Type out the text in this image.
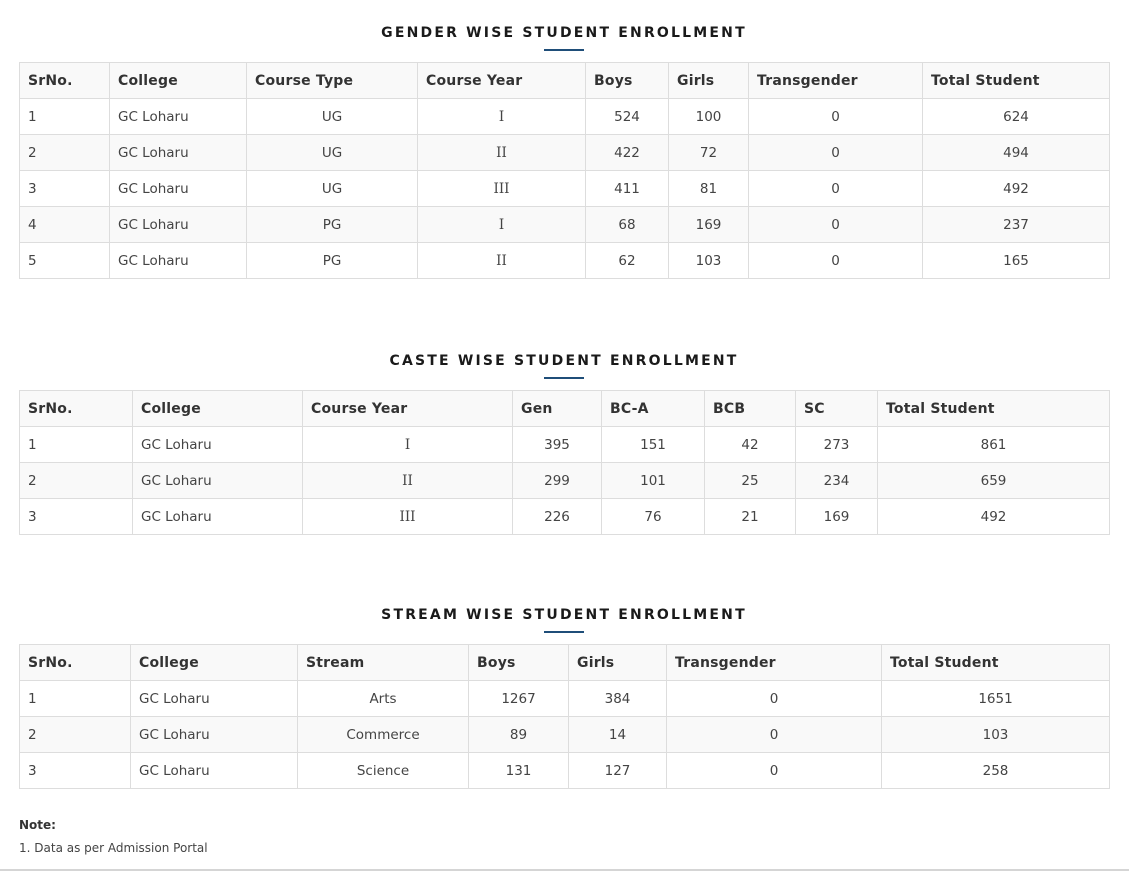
GENDER WISE STUDENT ENROLLMENT
SrNo.	College	Course Type	Course Year	Boys	Girls	Transgender	Total Student
1	GC Loharu	UG	I	524	100	0	624
2	GC Loharu	UG	II	422	72	0	494
3	GC Loharu	UG	III	411	81	0	492
4	GC Loharu	PG	I	68	169	0	237
5	GC Loharu	PG	II	62	103	0	165
CASTE WISE STUDENT ENROLLMENT
SrNo.	College	Course Year	Gen	BC-A	BCB	SC	Total Student
1	GC Loharu	I	395	151	42	273	861
2	GC Loharu	II	299	101	25	234	659
3	GC Loharu	III	226	76	21	169	492
STREAM WISE STUDENT ENROLLMENT
SrNo.	College	Stream	Boys	Girls	Transgender	Total Student
1	GC Loharu	Arts	1267	384	0	1651
2	GC Loharu	Commerce	89	14	0	103
3	GC Loharu	Science	131	127	0	258

Note:

1. Data as per Admission Portal
